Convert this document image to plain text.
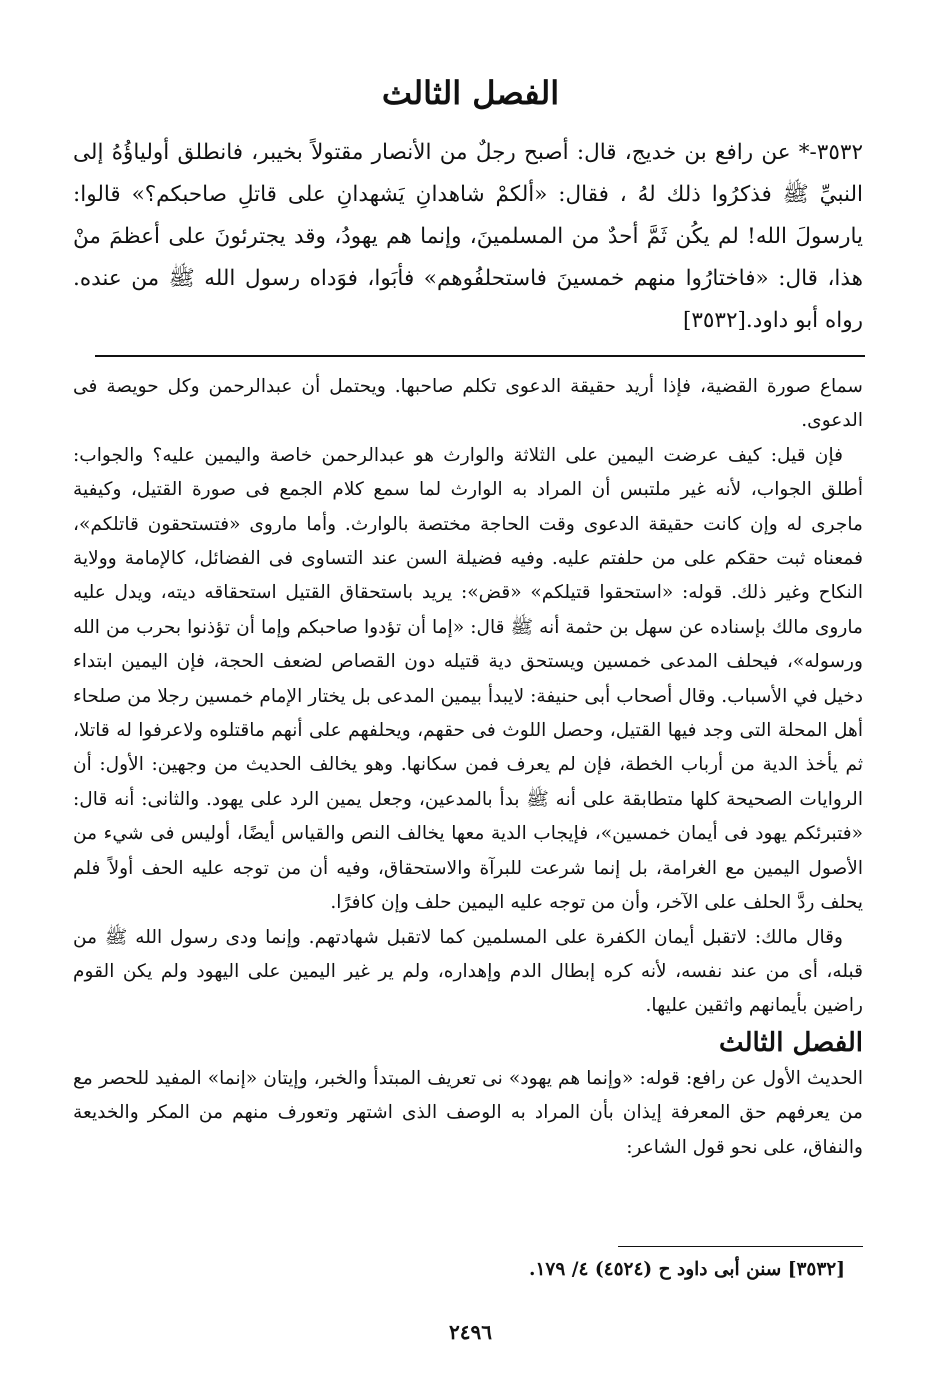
الفصل الثالث
٣٥٣٢-* عن رافع بن خديج، قال: أصبح رجلٌ من الأنصار مقتولاً بخيبر، فانطلق أولياؤُهُ إلى النبيِّ ﷺ فذكرُوا ذلك لهُ ، فقال: «ألكمْ شاهدانِ يَشهدانِ على قاتلِ صاحبكم؟» قالوا: يارسولَ الله! لم يكُن ثَمَّ أحدٌ من المسلمينَ، وإنما هم يهودُ، وقد يجترئونَ على أعظمَ منْ هذا، قال: «فاختارُوا منهم خمسينَ فاستحلفُوهم» فأبَوا، فوَداه رسول الله ﷺ من عنده. رواه أبو داود.[٣٥٣٢]

سماع صورة القضية، فإذا أريد حقيقة الدعوى تكلم صاحبها. ويحتمل أن عبدالرحمن وكل حويصة فى الدعوى.

فإن قيل: كيف عرضت اليمين على الثلاثة والوارث هو عبدالرحمن خاصة واليمين عليه؟ والجواب: أطلق الجواب، لأنه غير ملتبس أن المراد به الوارث لما سمع كلام الجمع فى صورة القتيل، وكيفية ماجرى له وإن كانت حقيقة الدعوى وقت الحاجة مختصة بالوارث. وأما ماروى «فتستحقون قاتلكم»، فمعناه ثبت حقكم على من حلفتم عليه. وفيه فضيلة السن عند التساوى فى الفضائل، كالإمامة وولاية النكاح وغير ذلك. قوله: «استحقوا قتيلكم» «قض»: يريد باستحقاق القتيل استحقاقه ديته، ويدل عليه ماروى مالك بإسناده عن سهل بن حثمة أنه ﷺ قال: «إما أن تؤدوا صاحبكم وإما أن تؤذنوا بحرب من الله ورسوله»، فيحلف المدعى خمسين ويستحق دية قتيله دون القصاص لضعف الحجة، فإن اليمين ابتداء دخيل في الأسباب. وقال أصحاب أبى حنيفة: لايبدأ بيمين المدعى بل يختار الإمام خمسين رجلا من صلحاء أهل المحلة التى وجد فيها القتيل، وحصل اللوث فى حقهم، ويحلفهم على أنهم ماقتلوه ولاعرفوا له قاتلا، ثم يأخذ الدية من أرباب الخطة، فإن لم يعرف فمن سكانها. وهو يخالف الحديث من وجهين: الأول: أن الروايات الصحيحة كلها متطابقة على أنه ﷺ بدأ بالمدعين، وجعل يمين الرد على يهود. والثانى: أنه قال: «فتبرئكم يهود فى أيمان خمسين»، فإيجاب الدية معها يخالف النص والقياس أيضًا، أوليس فى شيء من الأصول اليمين مع الغرامة، بل إنما شرعت للبرآة والاستحقاق، وفيه أن من توجه عليه الحف أولاً فلم يحلف ردَّ الحلف على الآخر، وأن من توجه عليه اليمين حلف وإن كافرًا.

وقال مالك: لاتقبل أيمان الكفرة على المسلمين كما لاتقبل شهادتهم. وإنما ودى رسول الله ﷺ من قبله، أى من عند نفسه، لأنه كره إبطال الدم وإهداره، ولم ير غير اليمين على اليهود ولم يكن القوم راضين بأيمانهم واثقين عليها.

الفصل الثالث

الحديث الأول عن رافع: قوله: «وإنما هم يهود» نى تعريف المبتدأ والخبر، وإيتان «إنما» المفيد للحصر مع من يعرفهم حق المعرفة إيذان بأن المراد به الوصف الذى اشتهر وتعورف منهم من المكر والخديعة والنفاق، على نحو قول الشاعر:

[٣٥٣٢] سنن أبى داود ح (٤٥٢٤) ٤/ ١٧٩.
٢٤٩٦
